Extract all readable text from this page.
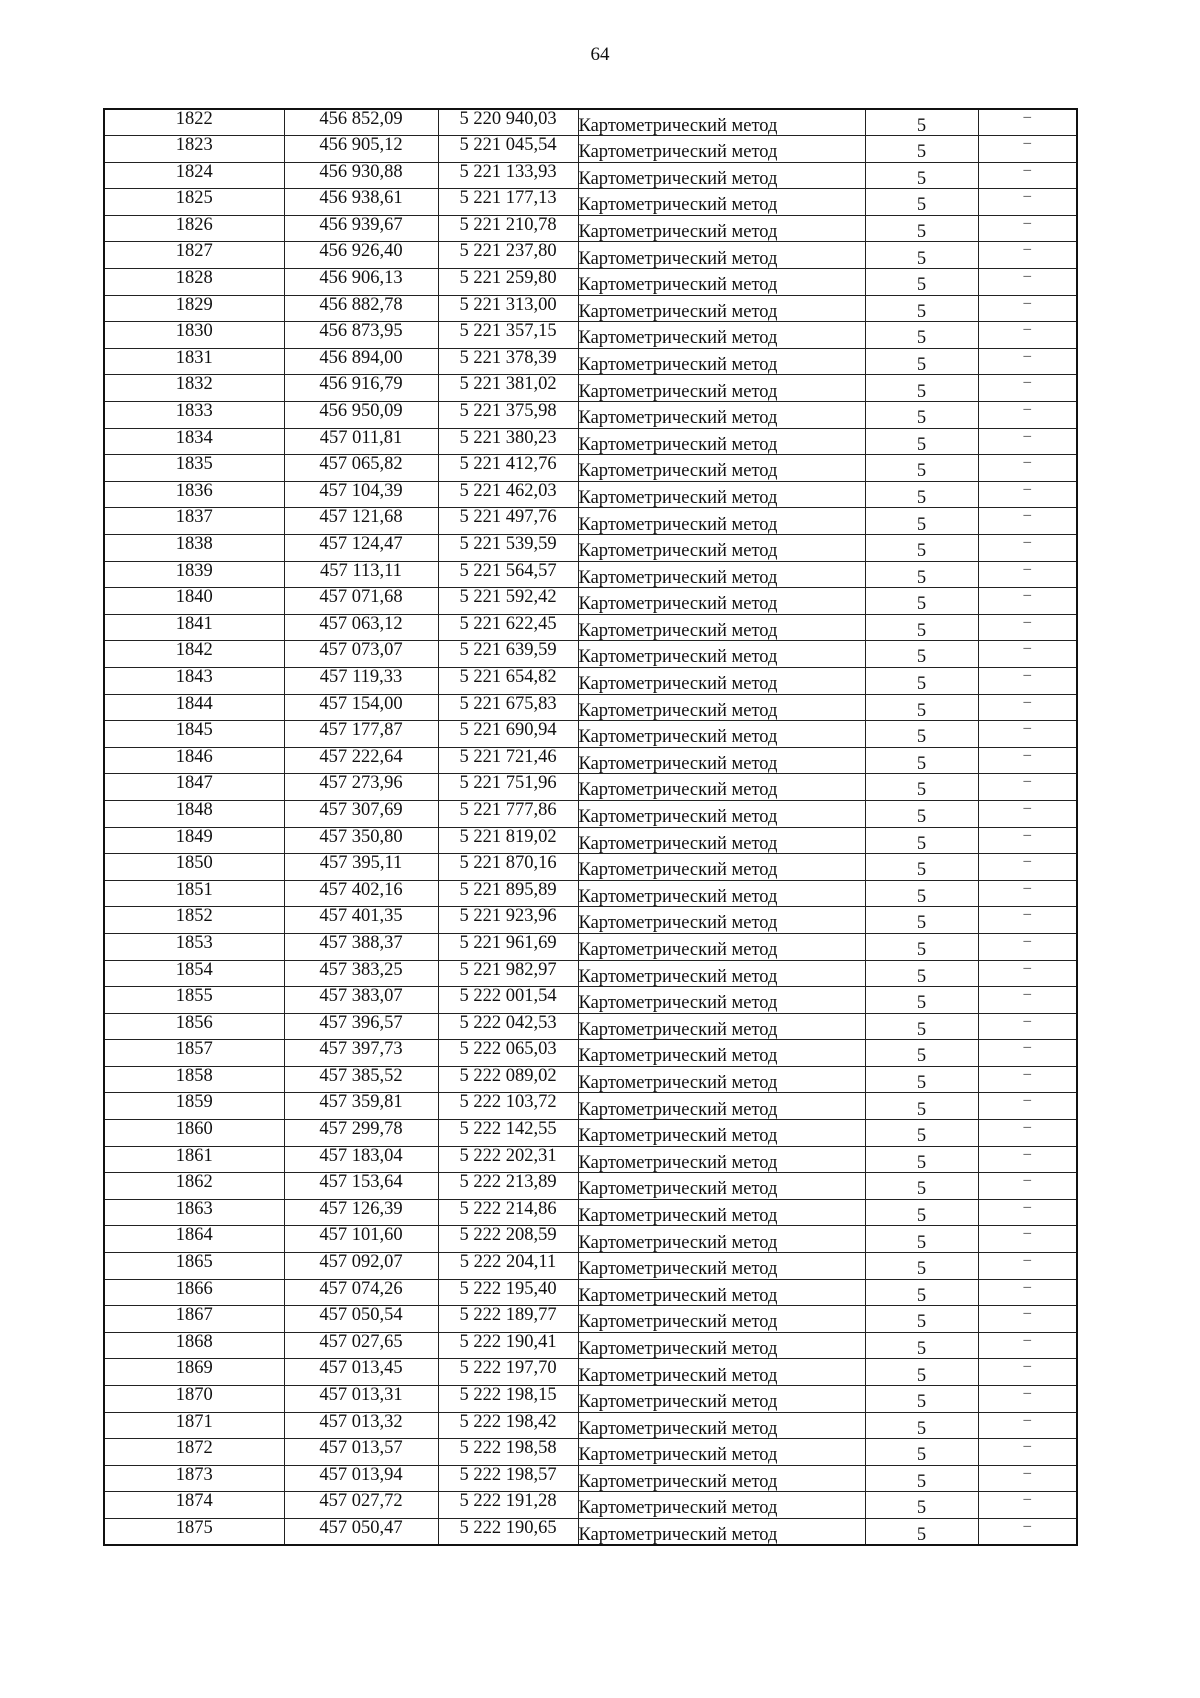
64
1822	456 852,09	5 220 940,03	Картометрический метод	5	–
1823	456 905,12	5 221 045,54	Картометрический метод	5	–
1824	456 930,88	5 221 133,93	Картометрический метод	5	–
1825	456 938,61	5 221 177,13	Картометрический метод	5	–
1826	456 939,67	5 221 210,78	Картометрический метод	5	–
1827	456 926,40	5 221 237,80	Картометрический метод	5	–
1828	456 906,13	5 221 259,80	Картометрический метод	5	–
1829	456 882,78	5 221 313,00	Картометрический метод	5	–
1830	456 873,95	5 221 357,15	Картометрический метод	5	–
1831	456 894,00	5 221 378,39	Картометрический метод	5	–
1832	456 916,79	5 221 381,02	Картометрический метод	5	–
1833	456 950,09	5 221 375,98	Картометрический метод	5	–
1834	457 011,81	5 221 380,23	Картометрический метод	5	–
1835	457 065,82	5 221 412,76	Картометрический метод	5	–
1836	457 104,39	5 221 462,03	Картометрический метод	5	–
1837	457 121,68	5 221 497,76	Картометрический метод	5	–
1838	457 124,47	5 221 539,59	Картометрический метод	5	–
1839	457 113,11	5 221 564,57	Картометрический метод	5	–
1840	457 071,68	5 221 592,42	Картометрический метод	5	–
1841	457 063,12	5 221 622,45	Картометрический метод	5	–
1842	457 073,07	5 221 639,59	Картометрический метод	5	–
1843	457 119,33	5 221 654,82	Картометрический метод	5	–
1844	457 154,00	5 221 675,83	Картометрический метод	5	–
1845	457 177,87	5 221 690,94	Картометрический метод	5	–
1846	457 222,64	5 221 721,46	Картометрический метод	5	–
1847	457 273,96	5 221 751,96	Картометрический метод	5	–
1848	457 307,69	5 221 777,86	Картометрический метод	5	–
1849	457 350,80	5 221 819,02	Картометрический метод	5	–
1850	457 395,11	5 221 870,16	Картометрический метод	5	–
1851	457 402,16	5 221 895,89	Картометрический метод	5	–
1852	457 401,35	5 221 923,96	Картометрический метод	5	–
1853	457 388,37	5 221 961,69	Картометрический метод	5	–
1854	457 383,25	5 221 982,97	Картометрический метод	5	–
1855	457 383,07	5 222 001,54	Картометрический метод	5	–
1856	457 396,57	5 222 042,53	Картометрический метод	5	–
1857	457 397,73	5 222 065,03	Картометрический метод	5	–
1858	457 385,52	5 222 089,02	Картометрический метод	5	–
1859	457 359,81	5 222 103,72	Картометрический метод	5	–
1860	457 299,78	5 222 142,55	Картометрический метод	5	–
1861	457 183,04	5 222 202,31	Картометрический метод	5	–
1862	457 153,64	5 222 213,89	Картометрический метод	5	–
1863	457 126,39	5 222 214,86	Картометрический метод	5	–
1864	457 101,60	5 222 208,59	Картометрический метод	5	–
1865	457 092,07	5 222 204,11	Картометрический метод	5	–
1866	457 074,26	5 222 195,40	Картометрический метод	5	–
1867	457 050,54	5 222 189,77	Картометрический метод	5	–
1868	457 027,65	5 222 190,41	Картометрический метод	5	–
1869	457 013,45	5 222 197,70	Картометрический метод	5	–
1870	457 013,31	5 222 198,15	Картометрический метод	5	–
1871	457 013,32	5 222 198,42	Картометрический метод	5	–
1872	457 013,57	5 222 198,58	Картометрический метод	5	–
1873	457 013,94	5 222 198,57	Картометрический метод	5	–
1874	457 027,72	5 222 191,28	Картометрический метод	5	–
1875	457 050,47	5 222 190,65	Картометрический метод	5	–
